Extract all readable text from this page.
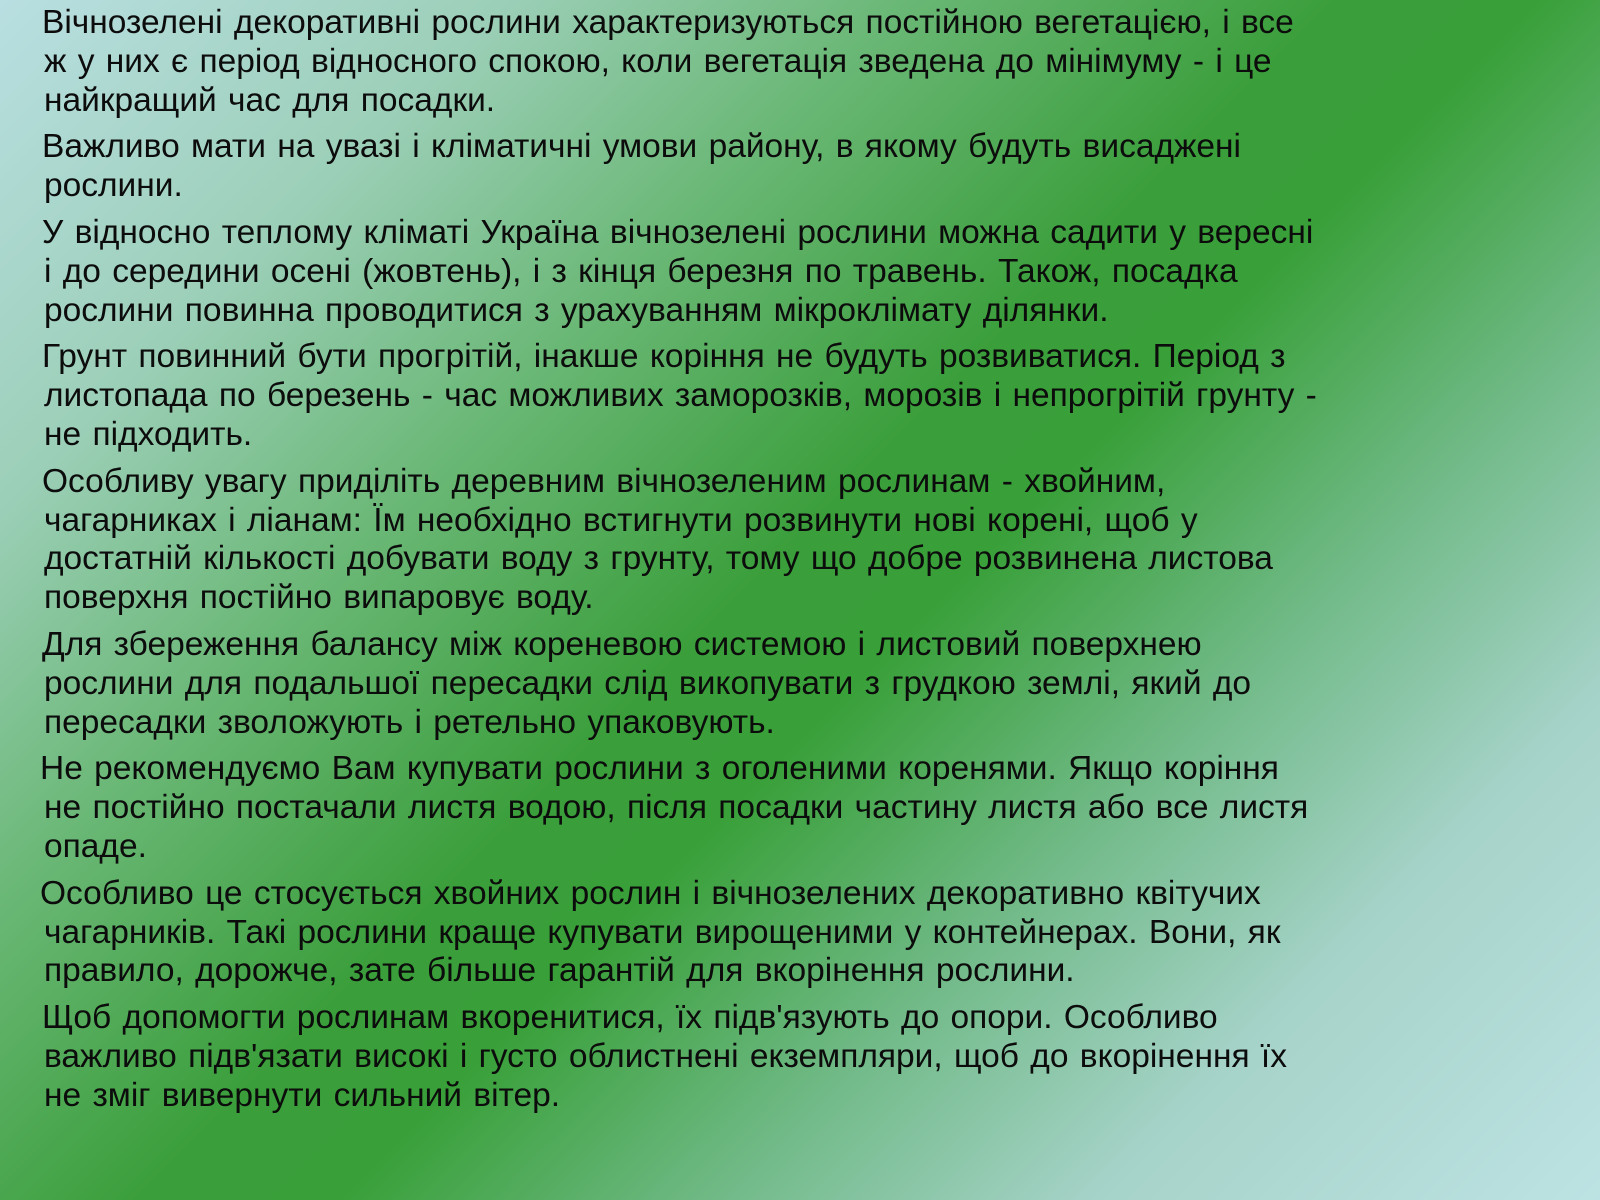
Вічнозелені декоративні рослини характеризуються постійною вегетацією, і все
ж у них є період відносного спокою, коли вегетація зведена до мінімуму - і це
найкращий час для посадки.

Важливо мати на увазі і кліматичні умови району, в якому будуть висаджені
рослини.

У відносно теплому кліматі Україна вічнозелені рослини можна садити у вересні
і до середини осені (жовтень), і з кінця березня по травень. Також, посадка
рослини повинна проводитися з урахуванням мікроклімату ділянки.

Грунт повинний бути прогрітій, інакше коріння не будуть розвиватися. Період з
листопада по березень - час можливих заморозків, морозів і непрогрітій грунту -
не підходить.

Особливу увагу приділіть деревним вічнозеленим рослинам - хвойним,
чагарниках і ліанам: Їм необхідно встигнути розвинути нові корені, щоб у
достатній кількості добувати воду з грунту, тому що добре розвинена листова
поверхня постійно випаровує воду.

Для збереження балансу між кореневою системою і листовий поверхнею
рослини для подальшої пересадки слід викопувати з грудкою землі, який до
пересадки зволожують і ретельно упаковують.

Не рекомендуємо Вам купувати рослини з оголеними коренями. Якщо коріння
не постійно постачали листя водою, після посадки частину листя або все листя
опаде.

Особливо це стосується хвойних рослин і вічнозелених декоративно квітучих
чагарників. Такі рослини краще купувати вирощеними у контейнерах. Вони, як
правило, дорожче, зате більше гарантій для вкорінення рослини.

Щоб допомогти рослинам вкоренитися, їх підв'язують до опори. Особливо
важливо підв'язати високі і густо облистнені екземпляри, щоб до вкорінення їх
не зміг вивернути сильний вітер.
